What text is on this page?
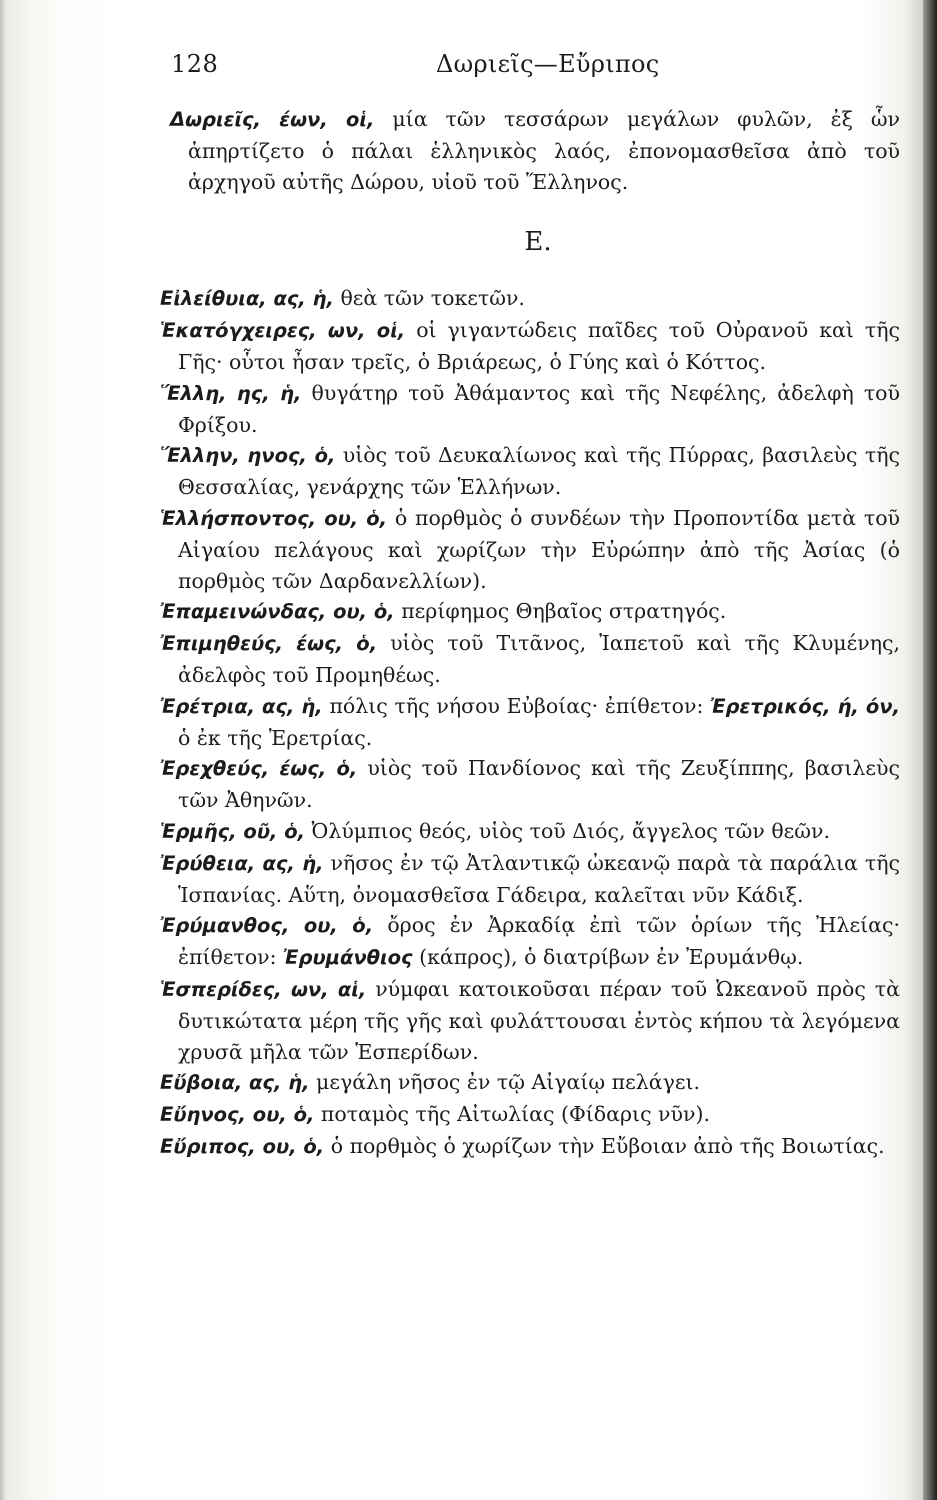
128	Δωριεῖς—Εὔριπος

Δωριεῖς, έων, οἱ, μία τῶν τεσσάρων μεγάλων φυλῶν, ἐξ ὧν ἀπηρτίζετο ὁ πάλαι ἑλληνικὸς λαός, ἐπονομασθεῖσα ἀπὸ τοῦ ἀρχηγοῦ αὐτῆς Δώρου, υἱοῦ τοῦ Ἕλληνος.

Ε.

Εἰλείθυια, ας, ἡ, θεὰ τῶν τοκετῶν.

Ἑκατόγχειρες, ων, οἱ, οἱ γιγαντώδεις παῖδες τοῦ Οὐρανοῦ καὶ τῆς Γῆς· οὗτοι ἦσαν τρεῖς, ὁ Βριάρεως, ὁ Γύης καὶ ὁ Κόττος.

Ἕλλη, ης, ἡ, θυγάτηρ τοῦ Ἀθάμαντος καὶ τῆς Νεφέλης, ἀδελφὴ τοῦ Φρίξου.

Ἕλλην, ηνος, ὁ, υἱὸς τοῦ Δευκαλίωνος καὶ τῆς Πύρρας, βασιλεὺς τῆς Θεσσαλίας, γενάρχης τῶν Ἑλλήνων.

Ἑλλήσποντος, ου, ὁ, ὁ πορθμὸς ὁ συνδέων τὴν Προποντίδα μετὰ τοῦ Αἰγαίου πελάγους καὶ χωρίζων τὴν Εὐρώπην ἀπὸ τῆς Ἀσίας (ὁ πορθμὸς τῶν Δαρδανελλίων).

Ἐπαμεινώνδας, ου, ὁ, περίφημος Θηβαῖος στρατηγός.

Ἐπιμηθεύς, έως, ὁ, υἱὸς τοῦ Τιτᾶνος, Ἰαπετοῦ καὶ τῆς Κλυμένης, ἀδελφὸς τοῦ Προμηθέως.

Ἐρέτρια, ας, ἡ, πόλις τῆς νήσου Εὐβοίας· ἐπίθετον: Ἐρετρικός, ή, όν, ὁ ἐκ τῆς Ἐρετρίας.

Ἐρεχθεύς, έως, ὁ, υἱὸς τοῦ Πανδίονος καὶ τῆς Ζευξίππης, βασιλεὺς τῶν Ἀθηνῶν.

Ἑρμῆς, οῦ, ὁ, Ὀλύμπιος θεός, υἱὸς τοῦ Διός, ἄγγελος τῶν θεῶν.

Ἐρύθεια, ας, ἡ, νῆσος ἐν τῷ Ἀτλαντικῷ ὠκεανῷ παρὰ τὰ παράλια τῆς Ἱσπανίας. Αὕτη, ὀνομασθεῖσα Γάδειρα, καλεῖται νῦν Κάδιξ.

Ἐρύμανθος, ου, ὁ, ὄρος ἐν Ἀρκαδίᾳ ἐπὶ τῶν ὁρίων τῆς Ἠλείας· ἐπίθετον: Ἐρυμάνθιος (κάπρος), ὁ διατρίβων ἐν Ἐρυμάνθῳ.

Ἑσπερίδες, ων, αἱ, νύμφαι κατοικοῦσαι πέραν τοῦ Ὠκεανοῦ πρὸς τὰ δυτικώτατα μέρη τῆς γῆς καὶ φυλάττουσαι ἐντὸς κήπου τὰ λεγόμενα χρυσᾶ μῆλα τῶν Ἑσπερίδων.

Εὔβοια, ας, ἡ, μεγάλη νῆσος ἐν τῷ Αἰγαίῳ πελάγει.

Εὔηνος, ου, ὁ, ποταμὸς τῆς Αἰτωλίας (Φίδαρις νῦν).

Εὔριπος, ου, ὁ, ὁ πορθμὸς ὁ χωρίζων τὴν Εὔβοιαν ἀπὸ τῆς Βοιωτίας.
